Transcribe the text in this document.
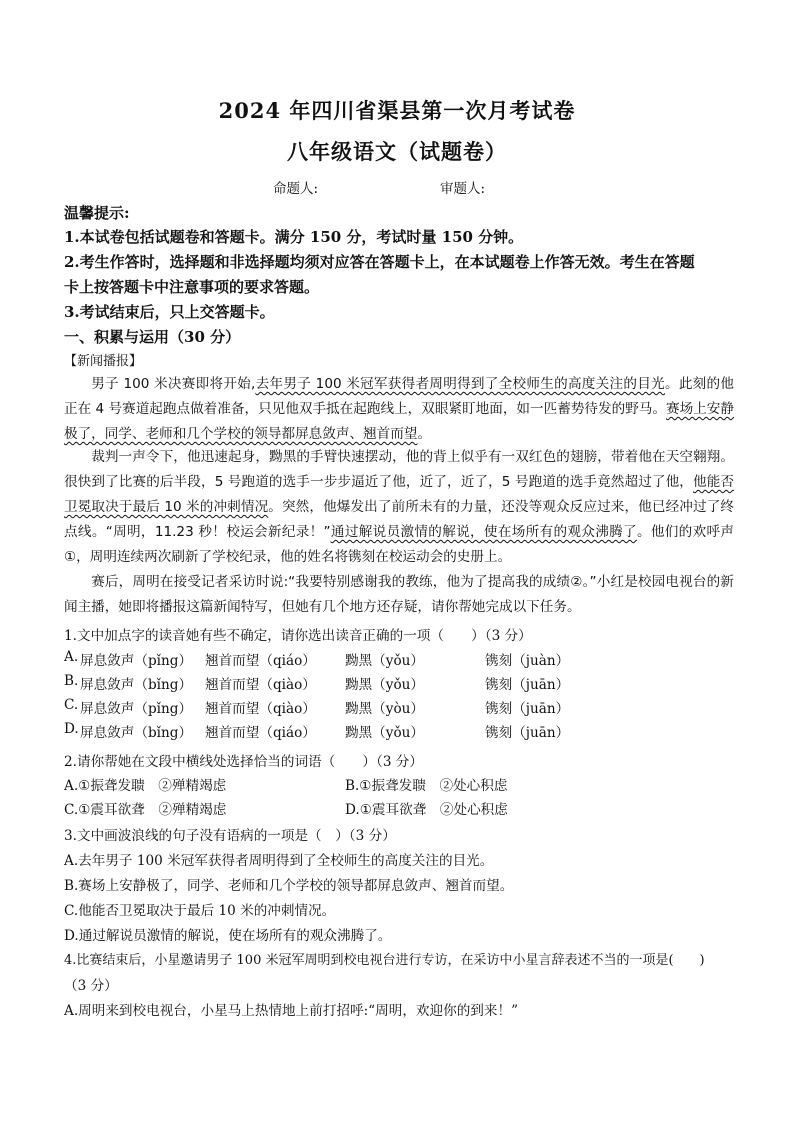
2024 年四川省渠县第一次月考试卷
八年级语文（试题卷）
命题人:	审题人:
温馨提示:
1.本试卷包括试题卷和答题卡。满分 150 分，考试时量 150 分钟。
2.考生作答时，选择题和非选择题均须对应答在答题卡上，在本试题卷上作答无效。考生在答题
卡上按答题卡中注意事项的要求答题。
3.考试结束后，只上交答题卡。
一、积累与运用（30 分）
【新闻播报】
男子 100 米决赛即将开始,去年男子 100 米冠军获得者周明得到了全校师生的高度关注的目光。此刻的他正在 4 号赛道起跑点做着准备，只见他双手抵在起跑线上，双眼紧盯地面，如一匹蓄势待发的野马。赛场上安静极了，同学、老师和几个学校的领导都屏息敛声、翘首而望。
裁判一声令下，他迅速起身，黝黑的手臂快速摆动，他的背上似乎有一双红色的翅膀，带着他在天空翱翔。很快到了比赛的后半段，5 号跑道的选手一步步逼近了他，近了，近了，5 号跑道的选手竟然超过了他，他能否卫冕取决于最后 10 米的冲刺情况。突然，他爆发出了前所未有的力量，还没等观众反应过来，他已经冲过了终点线。“周明，11.23 秒！校运会新纪录！”通过解说员激情的解说，使在场所有的观众沸腾了。他们的欢呼声①，周明连续两次刷新了学校纪录，他的姓名将镌刻在校运动会的史册上。
赛后，周明在接受记者采访时说:“我要特别感谢我的教练，他为了提高我的成绩②。”小红是校园电视台的新闻主播，她即将播报这篇新闻特写，但她有几个地方还存疑，请你帮她完成以下任务。
1.文中加点字的读音她有些不确定，请你选出读音正确的一项（　　）（3 分）
A. 屏息敛声（pǐng） 翘首而望（qiáo） 黝黑（yǒu）	镌刻（juàn）
B. 屏息敛声（bǐng） 翘首而望（qiào） 黝黑（yǒu）	镌刻（juān）
C. 屏息敛声（pǐng） 翘首而望（qiào） 黝黑（yòu）	镌刻（juān）
D. 屏息敛声（bǐng） 翘首而望（qiáo） 黝黑（yǒu）	镌刻（juān）
2.请你帮她在文段中横线处选择恰当的词语（　　）（3 分）
A.①振聋发聩　②殚精竭虑	B.①振聋发聩　②处心积虑
C.①震耳欲聋　②殚精竭虑	D.①震耳欲聋　②处心积虑
3.文中画波浪线的句子没有语病的一项是（　）（3 分）
A.去年男子 100 米冠军获得者周明得到了全校师生的高度关注的目光。
B.赛场上安静极了，同学、老师和几个学校的领导都屏息敛声、翘首而望。
C.他能否卫冕取决于最后 10 米的冲刺情况。
D.通过解说员激情的解说，使在场所有的观众沸腾了。
4.比赛结束后，小星邀请男子 100 米冠军周明到校电视台进行专访，在采访中小星言辞表述不当的一项是(　　)
（3 分）
A.周明来到校电视台，小星马上热情地上前打招呼:“周明，欢迎你的到来！”
